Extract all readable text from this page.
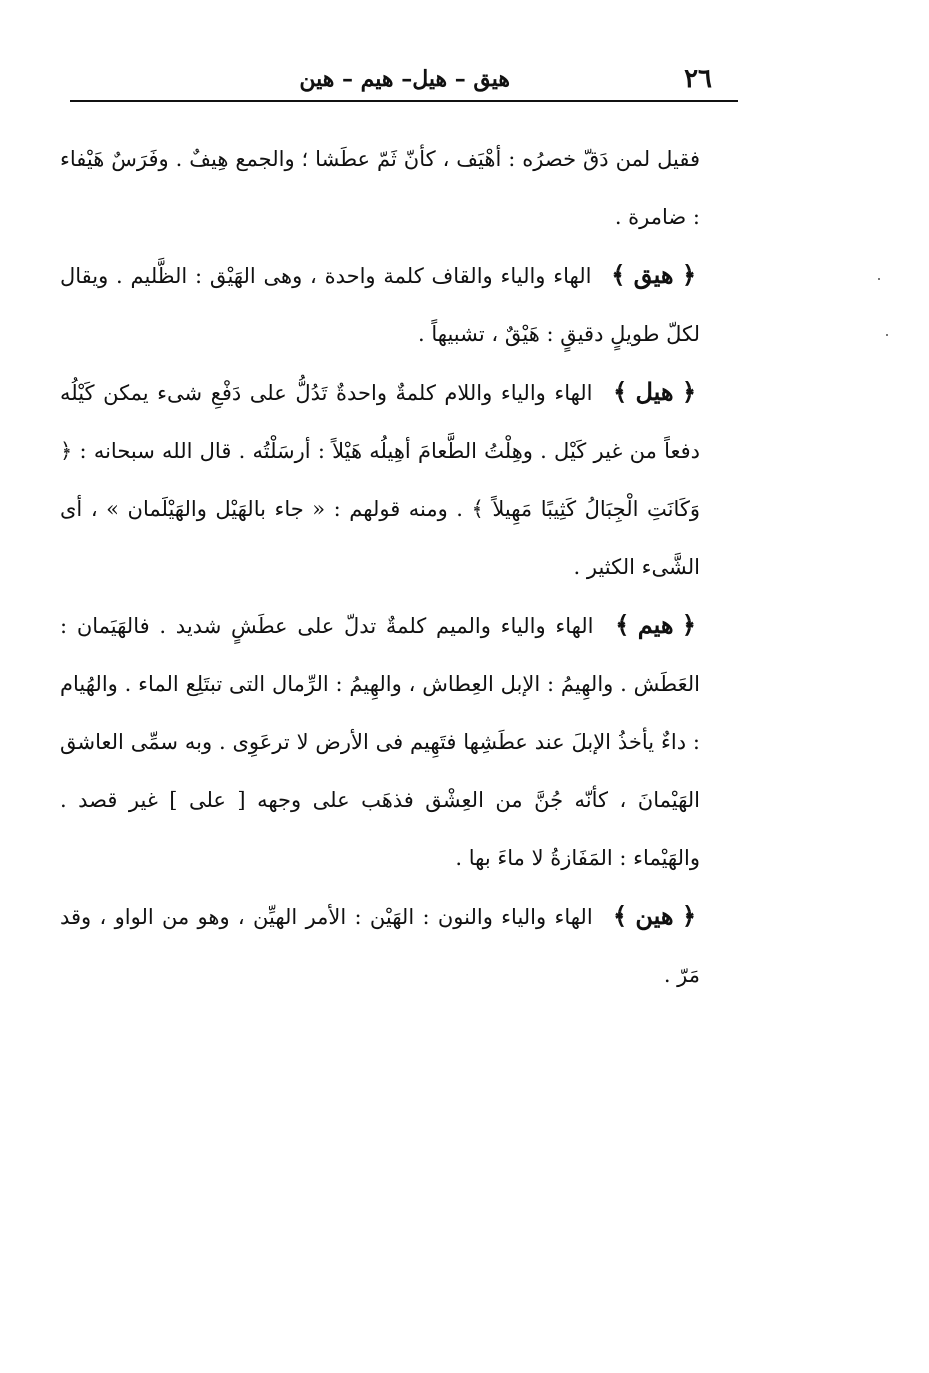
٢٦
هيق – هيل– هيم – هين

فقيل لمن دَقّ خصرُه : أهْيَف ، كأنّ ثَمّ عطَشا ؛ والجمع هِيفٌ . وفَرَسٌ هَيْفاء : ضامرة .

﴿ هيق ﴾ الهاء والياء والقاف كلمة واحدة ، وهى الهَيْق : الظَّليم . ويقال لكلّ طويلٍ دقيقٍ : هَيْقٌ ، تشبيهاً .

﴿ هيل ﴾ الهاء والياء واللام كلمةٌ واحدةٌ تَدُلُّ على دَفْعِ شىء يمكن كَيْلُه دفعاً من غير كَيْل . وهِلْتُ الطَّعامَ أهِيلُه هَيْلاً : أرسَلْتُه . قال الله سبحانه : ﴿ وَكَانَتِ الْجِبَالُ كَثِيبًا مَهِيلاً ﴾ . ومنه قولهم : « جاء بالهَيْل والهَيْلَمان » ، أى الشَّىء الكثير .

﴿ هيم ﴾ الهاء والياء والميم كلمةٌ تدلّ على عطَشٍ شديد . فالهَيَمان : العَطَش . والهِيمُ : الإبل العِطاش ، والهِيمُ : الرِّمال التى تبتَلِع الماء . والهُيام : داءٌ يأخذُ الإبلَ عند عطَشِها فتَهِيم فى الأرض لا ترعَوِى . وبه سمِّى العاشق الهَيْمانَ ، كأنّه جُنَّ من العِشْق فذهَب على وجهه [ على ] غير قصد . والهَيْماء : المَفَازةُ لا ماءَ بها .

﴿ هين ﴾ الهاء والياء والنون : الهَيْن : الأمر الهيِّن ، وهو من الواو ، وقد مَرّ .
